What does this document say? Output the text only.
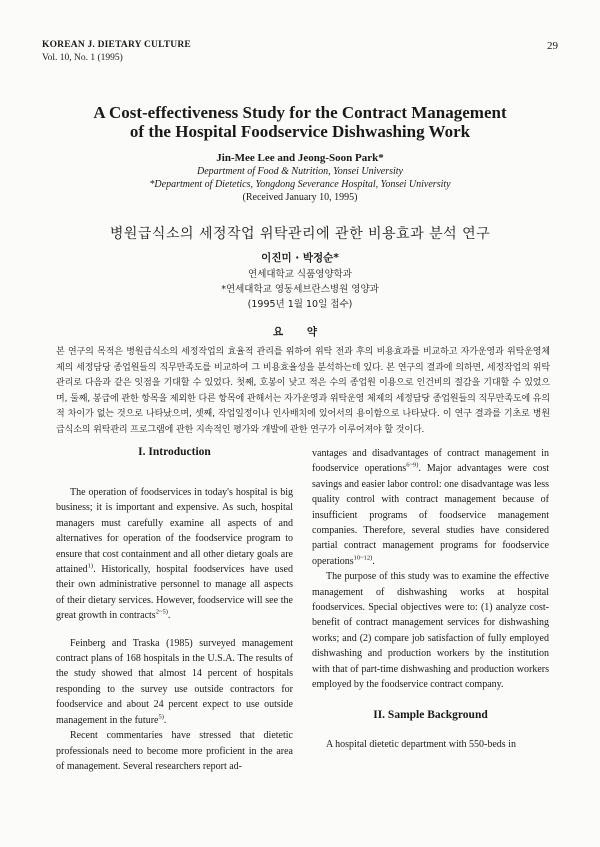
KOREAN J. DIETARY CULTURE
Vol. 10, No. 1 (1995)
29
A Cost-effectiveness Study for the Contract Management
of the Hospital Foodservice Dishwashing Work
Jin-Mee Lee and Jeong-Soon Park*
Department of Food & Nutrition, Yonsei University
*Department of Dietetics, Yongdong Severance Hospital, Yonsei University
(Received January 10, 1995)
병원급식소의 세정작업 위탁관리에 관한 비용효과 분석 연구
이진미 · 박정순*
연세대학교 식품영양학과
*연세대학교 영동세브란스병원 영양과
(1995년 1월 10일 접수)
요 약

본 연구의 목적은 병원급식소의 세정작업의 효율적 관리를 위하여 위탁 전과 후의 비용효과를 비교하고 자가운영과 위탁운영체제의 세정담당 종업원들의 직무만족도를 비교하여 그 비용효율성을 분석하는데 있다. 본 연구의 결과에 의하면, 세정작업의 위탁관리로 다음과 같은 잇점을 기대할 수 있었다. 첫째, 호봉이 낮고 적은 수의 종업원 이용으로 인건비의 절감을 기대할 수 있었으며, 둘째, 봉급에 관한 항목을 제외한 다른 항목에 관해서는 자가운영과 위탁운영 체제의 세정담당 종업원들의 직무만족도에 유의적 차이가 없는 것으로 나타났으며, 셋째, 작업일정이나 인사배치에 있어서의 용이함으로 나타났다. 이 연구 결과를 기초로 병원급식소의 위탁관리 프로그램에 관한 지속적인 평가와 개발에 관한 연구가 이루어져야 할 것이다.

I. Introduction

The operation of foodservices in today's hospital is big business; it is important and expensive. As such, hospital managers must carefully examine all aspects of and alternatives for operation of the foodservice program to ensure that cost containment and all other dietary goals are attained$^{1)}$. Historically, hospital foodservices have used their own administrative personnel to manage all aspects of their dietary services. However, foodservice will see the great growth in contracts$^{2\sim 5)}$.

Feinberg and Traska (1985) surveyed management contract plans of 168 hospitals in the U.S.A. The results of the study showed that almost 14 percent of hospitals responding to the survey use outside contractors for foodservice and about 24 percent expect to use outside management in the future$^{5)}$.

Recent commentaries have stressed that dietetic professionals need to become more proficient in the area of management. Several researchers report ad-

vantages and disadvantages of contract management in foodservice operations$^{6\sim 9)}$. Major advantages were cost savings and easier labor control: one disadvantage was less quality control with contract management because of insufficient programs of foodservice management companies. Therefore, several studies have considered partial contract management programs for foodservice operations$^{10\sim 12)}$.

The purpose of this study was to examine the effective management of dishwashing works at hospital foodservices. Special objectives were to: (1) analyze cost-benefit of contract management services for dishwashing works; and (2) compare job satisfaction of fully employed dishwashing and production workers by the institution with that of part-time dishwashing and production workers employed by the foodservice contract company.

II. Sample Background

A hospital dietetic department with 550-beds in
